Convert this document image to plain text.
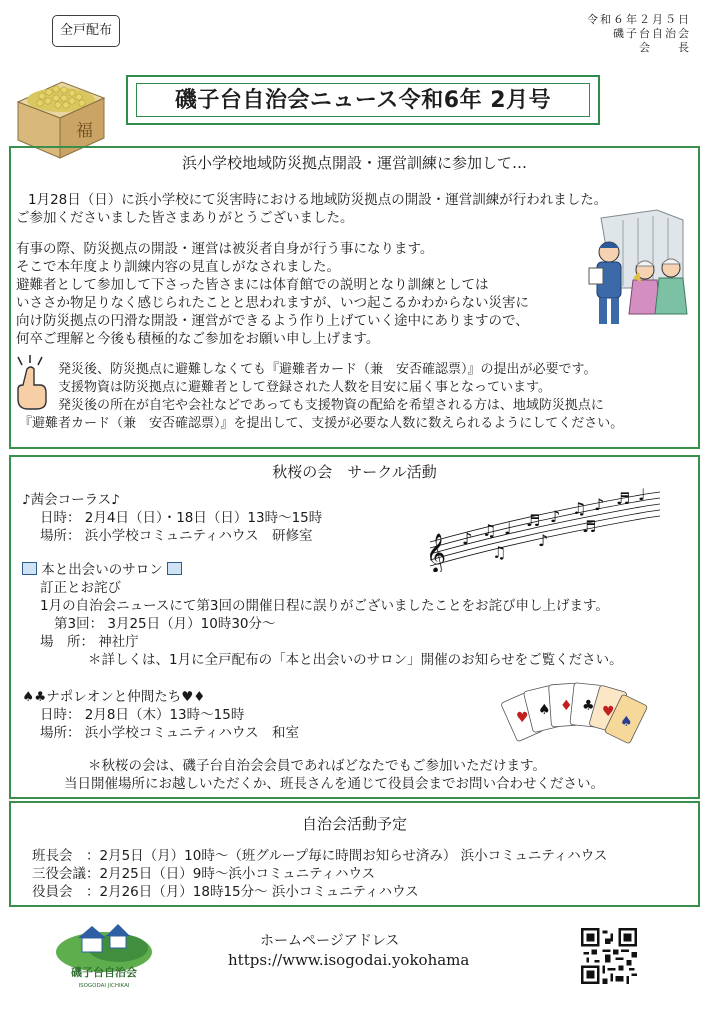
全戸配布
令和６年２月５日
磯子台自治会
会　　長
福
磯子台自治会ニュース令和6年 2月号
浜小学校地域防災拠点開設・運営訓練に参加して…
1月28日（日）に浜小学校にて災害時における地域防災拠点の開設・運営訓練が行われました。
ご参加くださいました皆さまありがとうございました。
有事の際、防災拠点の開設・運営は被災者自身が行う事になります。
そこで本年度より訓練内容の見直しがなされました。
避難者として参加して下さった皆さまには体育館での説明となり訓練としては
いささか物足りなく感じられたことと思われますが、いつ起こるかわからない災害に
向け防災拠点の円滑な開設・運営ができるよう作り上げていく途中にありますので、
何卒ご理解と今後も積極的なご参加をお願い申し上げます。
発災後、防災拠点に避難しなくても『避難者カード（兼　安否確認票）』の提出が必要です。
支援物資は防災拠点に避難者として登録された人数を目安に届く事となっています。
発災後の所在が自宅や会社などであっても支援物資の配給を希望される方は、地域防災拠点に
『避難者カード（兼　安否確認票）』を提出して、支援が必要な人数に数えられるようにしてください。
秋桜の会　サークル活動
♪茜会コーラス♪
日時： 2月4日（日）・18日（日）13時～15時
場所： 浜小学校コミュニティハウス　研修室	𝄞 ♪ ♫ ♩ ♬ ♪ ♫ ♪ ♬ ♩
♫
♪
♬
本と出会いのサロン
訂正とお詫び
1月の自治会ニュースにて第3回の開催日程に誤りがございましたことをお詫び申し上げます。
第3回： 3月25日（月）10時30分～
場　所： 神社庁
＊詳しくは、1月に全戸配布の「本と出会いのサロン」開催のお知らせをご覧ください。
♠♣ナポレオンと仲間たち♥♦
日時： 2月8日（木）13時～15時
場所： 浜小学校コミュニティハウス　和室
♥ ♠ ♦ ♣ ♥
♠
＊秋桜の会は、磯子台自治会会員であればどなたでもご参加いただけます。
当日開催場所にお越しいただくか、班長さんを通じて役員会までお問い合わせください。
自治会活動予定
班長会　：2月5日（月）10時～（班グループ毎に時間お知らせ済み） 浜小コミュニティハウス
三役会議：2月25日（日）9時～浜小コミュニティハウス
役員会　：2月26日（月）18時15分～ 浜小コミュニティハウス
磯子台自治会
ISOGODAI JICHIKAI
ホームページアドレス
https://www.isogodai.yokohama
